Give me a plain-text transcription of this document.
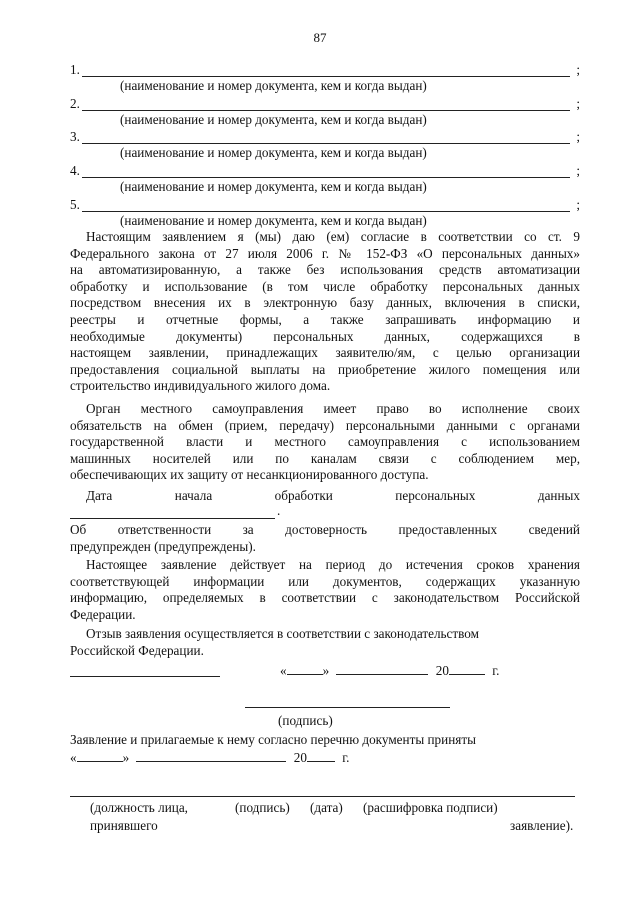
87
1.	;
(наименование и номер документа, кем и когда выдан)
2.	;
(наименование и номер документа, кем и когда выдан)
3.	;
(наименование и номер документа, кем и когда выдан)
4.	;
(наименование и номер документа, кем и когда выдан)
5.	;
(наименование и номер документа, кем и когда выдан)
Настоящим заявлением я (мы) даю (ем) согласие в соответствии со ст. 9
Федерального закона от 27 июля 2006 г. № 152-ФЗ «О персональных данных»
на автоматизированную, а также без использования средств автоматизации
обработку и использование (в том числе обработку персональных данных
посредством внесения их в электронную базу данных, включения в списки,
реестры и отчетные формы, а также запрашивать информацию и
необходимые документы) персональных данных, содержащихся в
настоящем заявлении, принадлежащих заявителю/ям, с целью организации
предоставления социальной выплаты на приобретение жилого помещения или
строительство индивидуального жилого дома.
Орган местного самоуправления имеет право во исполнение своих
обязательств на обмен (прием, передачу) персональными данными с органами
государственной власти и местного самоуправления с использованием
машинных носителей или по каналам связи с соблюдением мер,
обеспечивающих их защиту от несанкционированного доступа.
Дата начала обработки персональных данных
.
Об ответственности за достоверность предоставленных сведений
предупрежден (предупреждены).
Настоящее заявление действует на период до истечения сроков хранения
соответствующей информации или документов, содержащих указанную
информацию, определяемых в соответствии с законодательством Российской
Федерации.
Отзыв заявления осуществляется в соответствии с законодательством
Российской Федерации.
«	»	20	г.
(подпись)
Заявление и прилагаемые к нему согласно перечню документы приняты
«	»	20	г.
(должность лица,	(подпись) (дата) (расшифровка подписи)
принявшего	заявление).
